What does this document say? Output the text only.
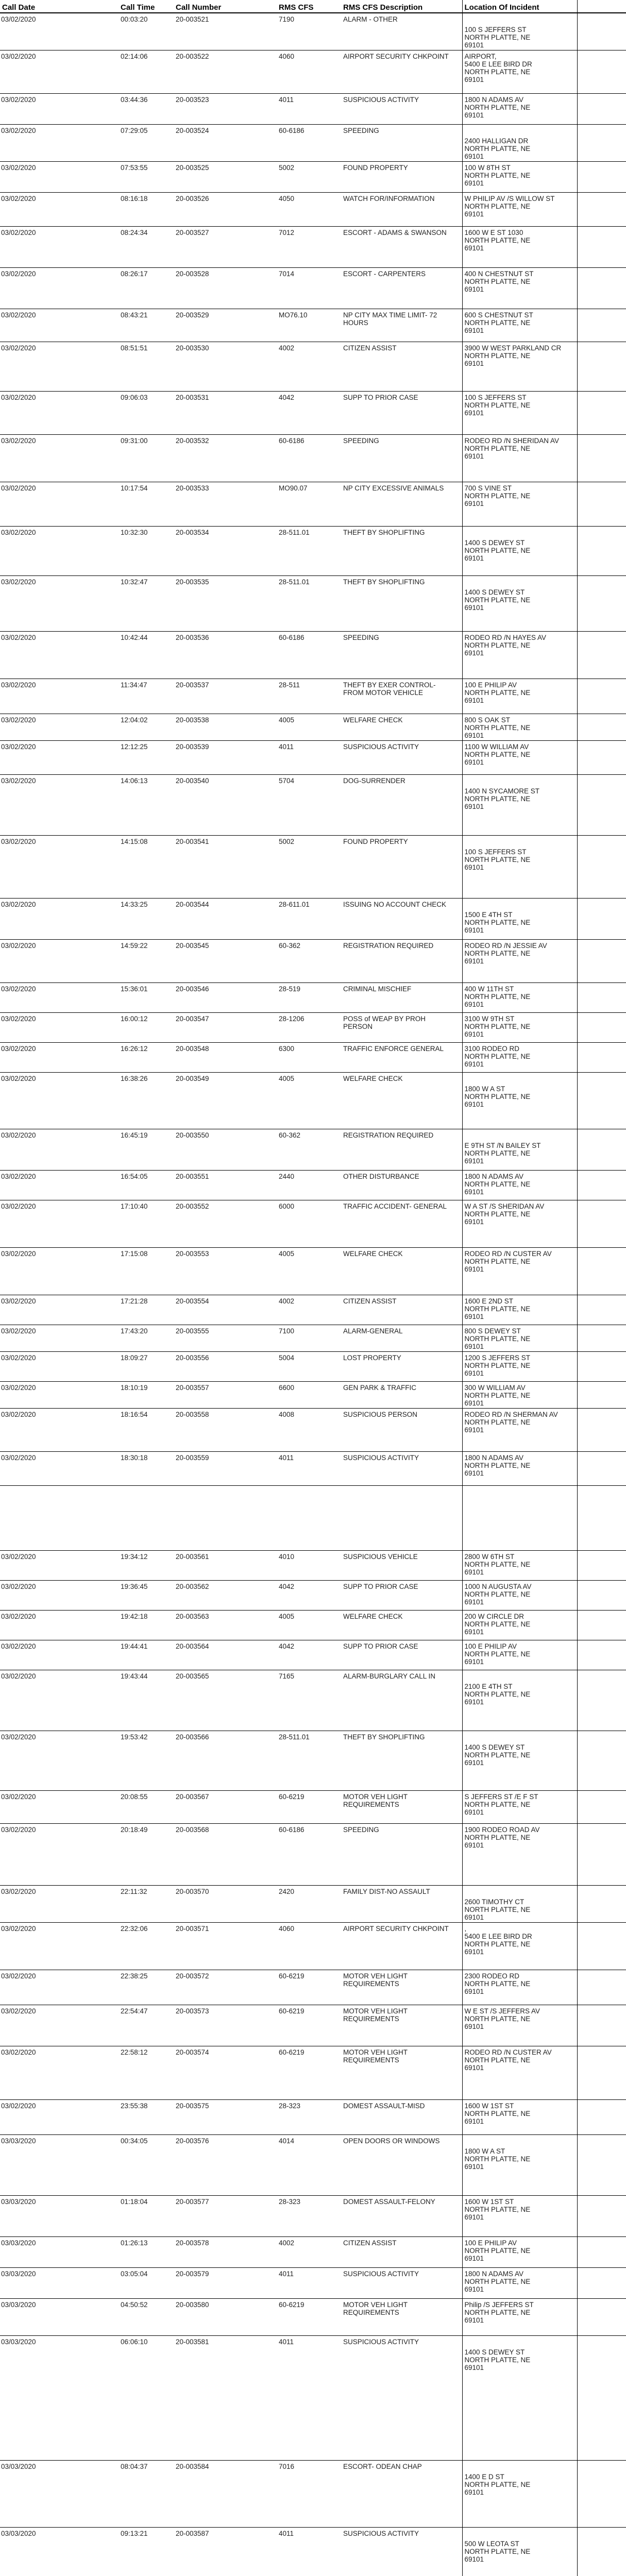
Call Date	Call Time	Call Number	RMS CFS	RMS CFS Description	Location Of Incident	
03/02/2020	00:03:20	20-003521	7190	ALARM - OTHER	100 S JEFFERS ST
NORTH PLATTE, NE
69101	

03/02/2020	02:14:06	20-003522	4060	AIRPORT SECURITY CHKPOINT	AIRPORT,
5400 E LEE BIRD DR
NORTH PLATTE, NE
69101	

03/02/2020	03:44:36	20-003523	4011	SUSPICIOUS ACTIVITY	1800 N ADAMS AV
NORTH PLATTE, NE
69101	

03/02/2020	07:29:05	20-003524	60-6186	SPEEDING	2400 HALLIGAN DR
NORTH PLATTE, NE
69101	

03/02/2020	07:53:55	20-003525	5002	FOUND PROPERTY	100 W 8TH ST
NORTH PLATTE, NE
69101	

03/02/2020	08:16:18	20-003526	4050	WATCH FOR/INFORMATION	W PHILIP AV /S WILLOW ST
NORTH PLATTE, NE
69101	

03/02/2020	08:24:34	20-003527	7012	ESCORT - ADAMS & SWANSON	1600 W E ST 1030
NORTH PLATTE, NE
69101	

03/02/2020	08:26:17	20-003528	7014	ESCORT - CARPENTERS	400 N CHESTNUT ST
NORTH PLATTE, NE
69101	

03/02/2020	08:43:21	20-003529	MO76.10	NP CITY MAX TIME LIMIT- 72 HOURS	600 S CHESTNUT ST
NORTH PLATTE, NE
69101	

03/02/2020	08:51:51	20-003530	4002	CITIZEN ASSIST	3900 W WEST PARKLAND CR
NORTH PLATTE, NE
69101	

03/02/2020	09:06:03	20-003531	4042	SUPP TO PRIOR CASE	100 S JEFFERS ST
NORTH PLATTE, NE
69101	

03/02/2020	09:31:00	20-003532	60-6186	SPEEDING	RODEO RD /N SHERIDAN AV
NORTH PLATTE, NE
69101	

03/02/2020	10:17:54	20-003533	MO90.07	NP CITY EXCESSIVE ANIMALS	700 S VINE ST
NORTH PLATTE, NE
69101	

03/02/2020	10:32:30	20-003534	28-511.01	THEFT BY SHOPLIFTING	1400 S DEWEY ST
NORTH PLATTE, NE
69101	

03/02/2020	10:32:47	20-003535	28-511.01	THEFT BY SHOPLIFTING	1400 S DEWEY ST
NORTH PLATTE, NE
69101	

03/02/2020	10:42:44	20-003536	60-6186	SPEEDING	RODEO RD /N HAYES AV
NORTH PLATTE, NE
69101	

03/02/2020	11:34:47	20-003537	28-511	THEFT BY EXER CONTROL- FROM MOTOR VEHICLE	100 E PHILIP AV
NORTH PLATTE, NE
69101	

03/02/2020	12:04:02	20-003538	4005	WELFARE CHECK	800 S OAK ST
NORTH PLATTE, NE
69101	

03/02/2020	12:12:25	20-003539	4011	SUSPICIOUS ACTIVITY	1100 W WILLIAM AV
NORTH PLATTE, NE
69101	

03/02/2020	14:06:13	20-003540	5704	DOG-SURRENDER	1400 N SYCAMORE ST
NORTH PLATTE, NE
69101	

03/02/2020	14:15:08	20-003541	5002	FOUND PROPERTY	100 S JEFFERS ST
NORTH PLATTE, NE
69101	

03/02/2020	14:33:25	20-003544	28-611.01	ISSUING NO ACCOUNT CHECK	1500 E 4TH ST
NORTH PLATTE, NE
69101	

03/02/2020	14:59:22	20-003545	60-362	REGISTRATION REQUIRED	RODEO RD /N JESSIE AV
NORTH PLATTE, NE
69101	

03/02/2020	15:36:01	20-003546	28-519	CRIMINAL MISCHIEF	400 W 11TH ST
NORTH PLATTE, NE
69101	

03/02/2020	16:00:12	20-003547	28-1206	POSS of WEAP BY PROH PERSON	3100 W 9TH ST
NORTH PLATTE, NE
69101	

03/02/2020	16:26:12	20-003548	6300	TRAFFIC ENFORCE GENERAL	3100 RODEO RD
NORTH PLATTE, NE
69101	

03/02/2020	16:38:26	20-003549	4005	WELFARE CHECK	1800 W A ST
NORTH PLATTE, NE
69101	

03/02/2020	16:45:19	20-003550	60-362	REGISTRATION REQUIRED	E 9TH ST /N BAILEY ST
NORTH PLATTE, NE
69101	

03/02/2020	16:54:05	20-003551	2440	OTHER DISTURBANCE	1800 N ADAMS AV
NORTH PLATTE, NE
69101	

03/02/2020	17:10:40	20-003552	6000	TRAFFIC ACCIDENT- GENERAL	W A ST /S SHERIDAN AV
NORTH PLATTE, NE
69101	

03/02/2020	17:15:08	20-003553	4005	WELFARE CHECK	RODEO RD /N CUSTER AV
NORTH PLATTE, NE
69101	

03/02/2020	17:21:28	20-003554	4002	CITIZEN ASSIST	1600 E 2ND ST
NORTH PLATTE, NE
69101	

03/02/2020	17:43:20	20-003555	7100	ALARM-GENERAL	800 S DEWEY ST
NORTH PLATTE, NE
69101	

03/02/2020	18:09:27	20-003556	5004	LOST PROPERTY	1200 S JEFFERS ST
NORTH PLATTE, NE
69101	

03/02/2020	18:10:19	20-003557	6600	GEN PARK & TRAFFIC	300 W WILLIAM AV
NORTH PLATTE, NE
69101	

03/02/2020	18:16:54	20-003558	4008	SUSPICIOUS PERSON	RODEO RD /N SHERMAN AV
NORTH PLATTE, NE
69101	

03/02/2020	18:30:18	20-003559	4011	SUSPICIOUS ACTIVITY	1800 N ADAMS AV
NORTH PLATTE, NE
69101	

03/02/2020	19:34:12	20-003561	4010	SUSPICIOUS VEHICLE	2800 W 6TH ST
NORTH PLATTE, NE
69101	

03/02/2020	19:36:45	20-003562	4042	SUPP TO PRIOR CASE	1000 N AUGUSTA AV
NORTH PLATTE, NE
69101	

03/02/2020	19:42:18	20-003563	4005	WELFARE CHECK	200 W CIRCLE DR
NORTH PLATTE, NE
69101	

03/02/2020	19:44:41	20-003564	4042	SUPP TO PRIOR CASE	100 E PHILIP AV
NORTH PLATTE, NE
69101	

03/02/2020	19:43:44	20-003565	7165	ALARM-BURGLARY CALL IN	2100 E 4TH ST
NORTH PLATTE, NE
69101	

03/02/2020	19:53:42	20-003566	28-511.01	THEFT BY SHOPLIFTING	1400 S DEWEY ST
NORTH PLATTE, NE
69101	

03/02/2020	20:08:55	20-003567	60-6219	MOTOR VEH LIGHT REQUIREMENTS	S JEFFERS ST /E F ST
NORTH PLATTE, NE
69101	

03/02/2020	20:18:49	20-003568	60-6186	SPEEDING	1900 RODEO ROAD AV
NORTH PLATTE, NE
69101	

03/02/2020	22:11:32	20-003570	2420	FAMILY DIST-NO ASSAULT	2600 TIMOTHY CT
NORTH PLATTE, NE
69101	

03/02/2020	22:32:06	20-003571	4060	AIRPORT SECURITY CHKPOINT	,
5400 E LEE BIRD DR
NORTH PLATTE, NE
69101	

03/02/2020	22:38:25	20-003572	60-6219	MOTOR VEH LIGHT REQUIREMENTS	2300 RODEO RD
NORTH PLATTE, NE
69101	

03/02/2020	22:54:47	20-003573	60-6219	MOTOR VEH LIGHT REQUIREMENTS	W E ST /S JEFFERS AV
NORTH PLATTE, NE
69101	

03/02/2020	22:58:12	20-003574	60-6219	MOTOR VEH LIGHT REQUIREMENTS	RODEO RD /N CUSTER AV
NORTH PLATTE, NE
69101	

03/02/2020	23:55:38	20-003575	28-323	DOMEST ASSAULT-MISD	1600 W 1ST ST
NORTH PLATTE, NE
69101	

03/03/2020	00:34:05	20-003576	4014	OPEN DOORS OR WINDOWS	1800 W A ST
NORTH PLATTE, NE
69101	

03/03/2020	01:18:04	20-003577	28-323	DOMEST ASSAULT-FELONY	1600 W 1ST ST
NORTH PLATTE, NE
69101	

03/03/2020	01:26:13	20-003578	4002	CITIZEN ASSIST	100 E PHILIP AV
NORTH PLATTE, NE
69101	

03/03/2020	03:05:04	20-003579	4011	SUSPICIOUS ACTIVITY	1800 N ADAMS AV
NORTH PLATTE, NE
69101	

03/03/2020	04:50:52	20-003580	60-6219	MOTOR VEH LIGHT REQUIREMENTS	Philip /S JEFFERS ST
NORTH PLATTE, NE
69101	

03/03/2020	06:06:10	20-003581	4011	SUSPICIOUS ACTIVITY	1400 S DEWEY ST
NORTH PLATTE, NE
69101	

03/03/2020	08:04:37	20-003584	7016	ESCORT- ODEAN CHAP	1400 E D ST
NORTH PLATTE, NE
69101	

03/03/2020	09:13:21	20-003587	4011	SUSPICIOUS ACTIVITY	500 W LEOTA ST
NORTH PLATTE, NE
69101	
